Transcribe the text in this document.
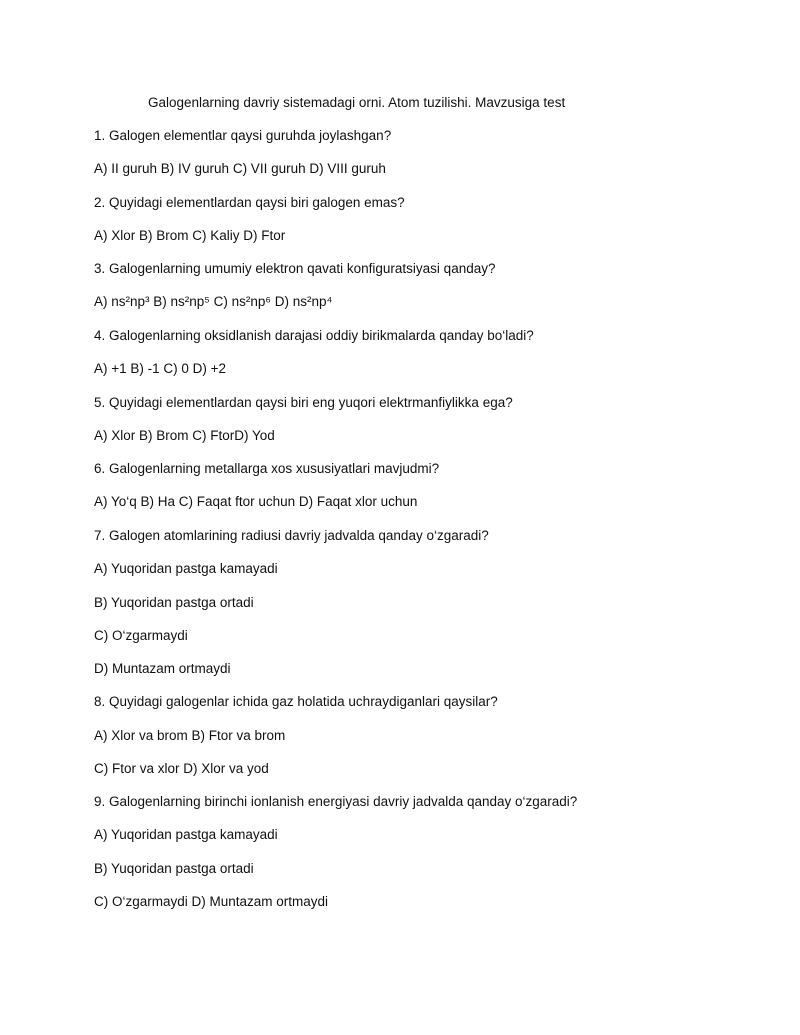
Galogenlarning davriy sistemadagi orni. Atom tuzilishi. Mavzusiga test
1. Galogen elementlar qaysi guruhda joylashgan?
A) II guruh B) IV guruh C) VII guruh D) VIII guruh
2. Quyidagi elementlardan qaysi biri galogen emas?
A) Xlor B) Brom C) Kaliy D) Ftor
3. Galogenlarning umumiy elektron qavati konfiguratsiyasi qanday?
A) ns²np³ B) ns²np⁵ C) ns²np⁶ D) ns²np⁴
4. Galogenlarning oksidlanish darajasi oddiy birikmalarda qanday bo‘ladi?
A) +1 B) -1 C) 0 D) +2
5. Quyidagi elementlardan qaysi biri eng yuqori elektrmanfiylikka ega?
A) Xlor B) Brom C) FtorD) Yod
6. Galogenlarning metallarga xos xususiyatlari mavjudmi?
A) Yo‘q B) Ha C) Faqat ftor uchun D) Faqat xlor uchun
7. Galogen atomlarining radiusi davriy jadvalda qanday o‘zgaradi?
A) Yuqoridan pastga kamayadi
B) Yuqoridan pastga ortadi
C) O‘zgarmaydi
D) Muntazam ortmaydi
8. Quyidagi galogenlar ichida gaz holatida uchraydiganlari qaysilar?
A) Xlor va brom B) Ftor va brom
C) Ftor va xlor D) Xlor va yod
9. Galogenlarning birinchi ionlanish energiyasi davriy jadvalda qanday o‘zgaradi?
A) Yuqoridan pastga kamayadi
B) Yuqoridan pastga ortadi
C) O‘zgarmaydi D) Muntazam ortmaydi
